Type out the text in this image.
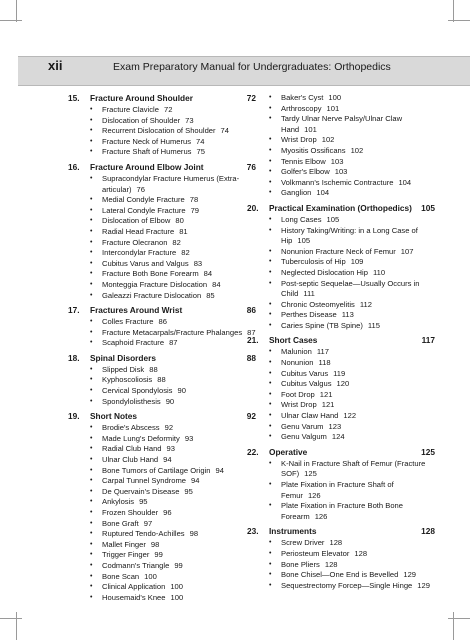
xii	Exam Preparatory Manual for Undergraduates: Orthopedics
15.	Fracture Around Shoulder	72
•	Fracture Clavicle 72
•	Dislocation of Shoulder 73
•	Recurrent Dislocation of Shoulder 74
•	Fracture Neck of Humerus 74
•	Fracture Shaft of Humerus 75
16.	Fracture Around Elbow Joint	76
•	Supracondylar Fracture Humerus (Extra-articular) 76
•	Medial Condyle Fracture 78
•	Lateral Condyle Fracture 79
•	Dislocation of Elbow 80
•	Radial Head Fracture 81
•	Fracture Olecranon 82
•	Intercondylar Fracture 82
•	Cubitus Varus and Valgus 83
•	Fracture Both Bone Forearm 84
•	Monteggia Fracture Dislocation 84
•	Galeazzi Fracture Dislocation 85
17.	Fractures Around Wrist	86
•	Colles Fracture 86
•	Fracture Metacarpals/Fracture Phalanges 87
•	Scaphoid Fracture 87
18.	Spinal Disorders	88
•	Slipped Disk 88
•	Kyphoscoliosis 88
•	Cervical Spondylosis 90
•	Spondylolisthesis 90
19.	Short Notes	92
•	Brodie's Abscess 92
•	Made Lung's Deformity 93
•	Radial Club Hand 93
•	Ulnar Club Hand 94
•	Bone Tumors of Cartilage Origin 94
•	Carpal Tunnel Syndrome 94
•	De Quervain's Disease 95
•	Ankylosis 95
•	Frozen Shoulder 96
•	Bone Graft 97
•	Ruptured Tendo-Achilles 98
•	Mallet Finger 98
•	Trigger Finger 99
•	Codmann's Triangle 99
•	Bone Scan 100
•	Clinical Application 100
•	Housemaid's Knee 100
•	Baker's Cyst 100
•	Arthroscopy 101
•	Tardy Ulnar Nerve Palsy/Ulnar Claw Hand 101
•	Wrist Drop 102
•	Myositis Ossificans 102
•	Tennis Elbow 103
•	Golfer's Elbow 103
•	Volkmann's Ischemic Contracture 104
•	Ganglion 104
20.	Practical Examination (Orthopedics)	105
•	Long Cases 105
•	History Taking/Writing: in a Long Case of Hip 105
•	Nonunion Fracture Neck of Femur 107
•	Tuberculosis of Hip 109
•	Neglected Dislocation Hip 110
•	Post-septic Sequelae—Usually Occurs in Child 111
•	Chronic Osteomyelitis 112
•	Perthes Disease 113
•	Caries Spine (TB Spine) 115
21.	Short Cases	117
•	Malunion 117
•	Nonunion 118
•	Cubitus Varus 119
•	Cubitus Valgus 120
•	Foot Drop 121
•	Wrist Drop 121
•	Ulnar Claw Hand 122
•	Genu Varum 123
•	Genu Valgum 124
22.	Operative	125
•	K-Nail in Fracture Shaft of Femur (Fracture SOF) 125
•	Plate Fixation in Fracture Shaft of Femur 126
•	Plate Fixation in Fracture Both Bone Forearm 126
23.	Instruments	128
•	Screw Driver 128
•	Periosteum Elevator 128
•	Bone Pliers 128
•	Bone Chisel—One End is Bevelled 129
•	Sequestrectomy Forcep—Single Hinge 129
